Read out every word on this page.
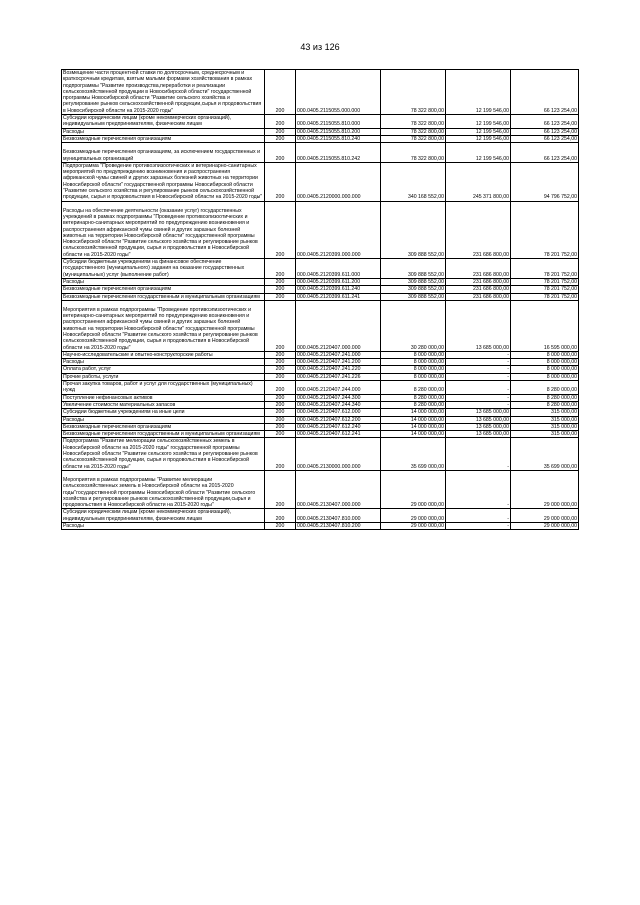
43 из 126
Возмещение части процентной ставки по долгосрочным, среднесрочным и краткосрочным кредитам, взятым малыми формами хозяйствования в рамках подпрограммы "Развитие производства,переработки и реализации сельскохозяйственной продукции в Новосибирской области" государственной программы Новосибирской области "Развитие сельского хозяйства и регулирование рынков сельскохозяйственной продукции,сырья и продовольствия в Новосибирской области на 2015-2020 годы"	200	000.0405.2115055.000.000	78 322 800,00	12 199 546,00	66 123 254,00
Субсидии юридическим лицам (кроме некоммерческих организаций), индивидуальным предпринимателям, физическим лицам	200	000.0405.2115055.810.000	78 322 800,00	12 199 546,00	66 123 254,00
Расходы	200	000.0405.2115055.810.200	78 322 800,00	12 199 546,00	66 123 254,00
Безвозмездные перечисления организациям	200	000.0405.2115055.810.240	78 322 800,00	12 199 546,00	66 123 254,00
Безвозмездные перечисления организациям, за исключением государственных и муниципальных организаций	200	000.0405.2115055.810.242	78 322 800,00	12 199 546,00	66 123 254,00
Подпрограмма "Проведение противоэпизоотических и ветеринарно-санитарных мероприятий по предупреждению возникновения и распространения африканской чумы свиней и других заразных болезней животных на территории Новосибирской области" государственной программы Новосибирской области "Развитие сельского хозяйства и регулирование рынков сельскохозяйственной продукции, сырья и продовольствия в Новосибирской области на 2015-2020 годы"	200	000.0405.2120000.000.000	340 168 552,00	245 371 800,00	94 796 752,00
Расходы на обеспечение деятельности (оказание услуг) государственных учреждений в рамках подпрограммы "Проведение противоэпизоотических и ветеринарно-санитарных мероприятий по предупреждению возникновения и распространения африканской чумы свиней и других заразных болезней животных на территории Новосибирской области" государственной программы Новосибирской области "Развитие сельского хозяйства и регулирование рынков сельскохозяйственной продукции, сырья и продовольствия в Новосибирской области на 2015-2020 годы"	200	000.0405.2120399.000.000	309 888 552,00	231 686 800,00	78 201 752,00
Субсидии бюджетным учреждениям на финансовое обеспечение государственного (муниципального) задания на оказание государственных (муниципальных) услуг (выполнение работ)	200	000.0405.2120399.611.000	309 888 552,00	231 686 800,00	78 201 752,00
Расходы	200	000.0405.2120399.611.200	309 888 552,00	231 686 800,00	78 201 752,00
Безвозмездные перечисления организациям	200	000.0405.2120399.611.240	309 888 552,00	231 686 800,00	78 201 752,00
Безвозмездные перечисления государственным и муниципальным организациям	200	000.0405.2120399.611.241	309 888 552,00	231 686 800,00	78 201 752,00
Мероприятия в рамках подпрограммы "Проведение противоэпизоотических и ветеринарно-санитарных мероприятий по предупреждению возникновения и распространения африканской чумы свиней и других заразных болезней животных на территории Новосибирской области" государственной программы Новосибирской области "Развитие сельского хозяйства и регулирование рынков сельскохозяйственной продукции, сырья и продовольствия в Новосибирской области на 2015-2020 годы"	200	000.0405.2120407.000.000	30 280 000,00	13 685 000,00	16 595 000,00
Научно-исследовательские и опытно-конструкторские работы	200	000.0405.2120407.241.000	8 000 000,00	-	8 000 000,00
Расходы	200	000.0405.2120407.241.200	8 000 000,00	-	8 000 000,00
Оплата работ, услуг	200	000.0405.2120407.241.220	8 000 000,00	-	8 000 000,00
Прочие работы, услуги	200	000.0405.2120407.241.226	8 000 000,00	-	8 000 000,00
Прочая закупка товаров, работ и услуг для государственных (муниципальных) нужд	200	000.0405.2120407.244.000	8 280 000,00	-	8 280 000,00
Поступление нефинансовых активов	200	000.0405.2120407.244.300	8 280 000,00	-	8 280 000,00
Увеличение стоимости материальных запасов	200	000.0405.2120407.244.340	8 280 000,00	-	8 280 000,00
Субсидии бюджетным учреждениям на иные цели	200	000.0405.2120407.612.000	14 000 000,00	13 685 000,00	315 000,00
Расходы	200	000.0405.2120407.612.200	14 000 000,00	13 685 000,00	315 000,00
Безвозмездные перечисления организациям	200	000.0405.2120407.612.240	14 000 000,00	13 685 000,00	315 000,00
Безвозмездные перечисления государственным и муниципальным организациям	200	000.0405.2120407.612.241	14 000 000,00	13 685 000,00	315 000,00
Подпрограмма "Развитие мелиорации сельскохозяйственных земель в Новосибирской области на 2015-2020 годы" государственной программы Новосибирской области "Развитие сельского хозяйства и регулирование рынков сельскохозяйственной продукции, сырья и продовольствия в Новосибирской области на 2015-2020 годы"	200	000.0405.2130000.000.000	35 699 000,00	-	35 699 000,00
Мероприятия в рамках подпрограммы "Развитие мелиорации сельскохозяйственных земель в Новосибирской области на 2015-2020 годы"государственной программы Новосибирской области "Развитие сельского хозяйства и регулирование рынков сельскохозяйственной продукции,сырья и продовольствия в Новосибирской области на 2015-2020 годы"	200	000.0405.2130407.000.000	29 000 000,00	-	29 000 000,00
Субсидии юридическим лицам (кроме некоммерческих организаций), индивидуальным предпринимателям, физическим лицам	200	000.0405.2130407.810.000	29 000 000,00	-	29 000 000,00
Расходы	200	000.0405.2130407.810.200	29 000 000,00	-	29 000 000,00
